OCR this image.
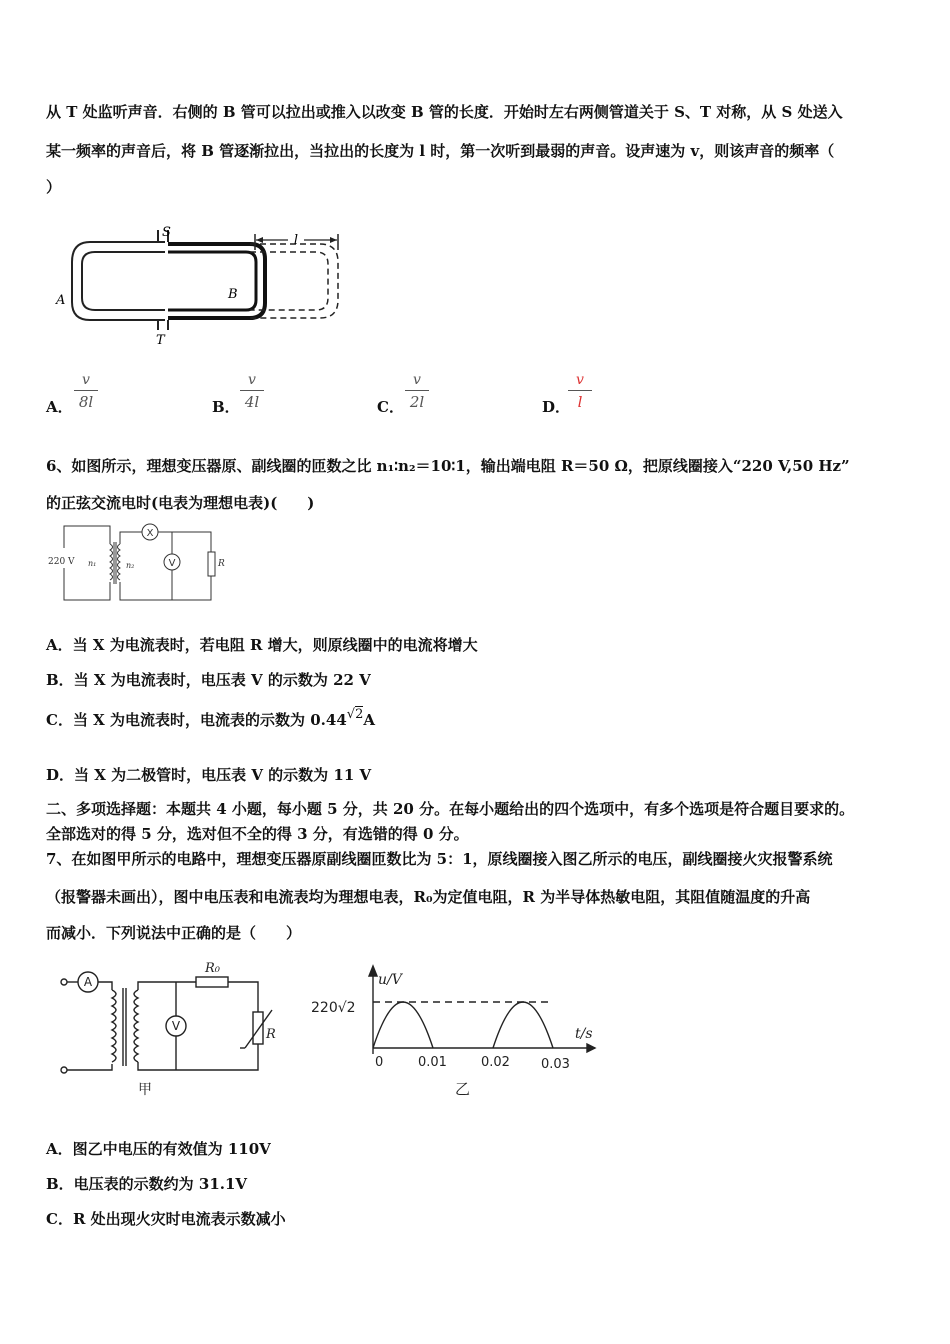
从 T 处监听声音．右侧的 B 管可以拉出或推入以改变 B 管的长度．开始时左右两侧管道关于 S、T 对称，从 S 处送入
某一频率的声音后，将 B 管逐渐拉出，当拉出的长度为 l 时，第一次听到最弱的声音。设声速为 v，则该声音的频率（
）
l
S
T
A	B
A． $\frac{v}{8l}$	B． $\frac{v}{4l}$	C． $\frac{v}{2l}$	D．
$\frac{v}{l}$
6、如图所示，理想变压器原、副线圈的匝数之比 n₁∶n₂＝10∶1，输出端电阻 R＝50 Ω，把原线圈接入“220 V,50 Hz”
的正弦交流电时(电表为理想电表)(　　)
220 V n₁	n₂
X
V	R
A．当 X 为电流表时，若电阻 R 增大，则原线圈中的电流将增大
B．当 X 为电流表时，电压表 V 的示数为 22 V
C．当 X 为电流表时，电流表的示数为 0.44√2A
D．当 X 为二极管时，电压表 V 的示数为 11 V
二、多项选择题：本题共 4 小题，每小题 5 分，共 20 分。在每小题给出的四个选项中，有多个选项是符合题目要求的。
全部选对的得 5 分，选对但不全的得 3 分，有选错的得 0 分。
7、在如图甲所示的电路中，理想变压器原副线圈匝数比为 5：1，原线圈接入图乙所示的电压，副线圈接火灾报警系统
（报警器未画出），图中电压表和电流表均为理想电表，R₀为定值电阻，R 为半导体热敏电阻，其阻值随温度的升高
而减小．下列说法中正确的是（　　）
A
V
R₀
R
甲
u/V
t/s
220√2
0	0.01	0.02 0.03
乙
A．图乙中电压的有效值为 110V
B．电压表的示数约为 31.1V
C．R 处出现火灾时电流表示数减小
